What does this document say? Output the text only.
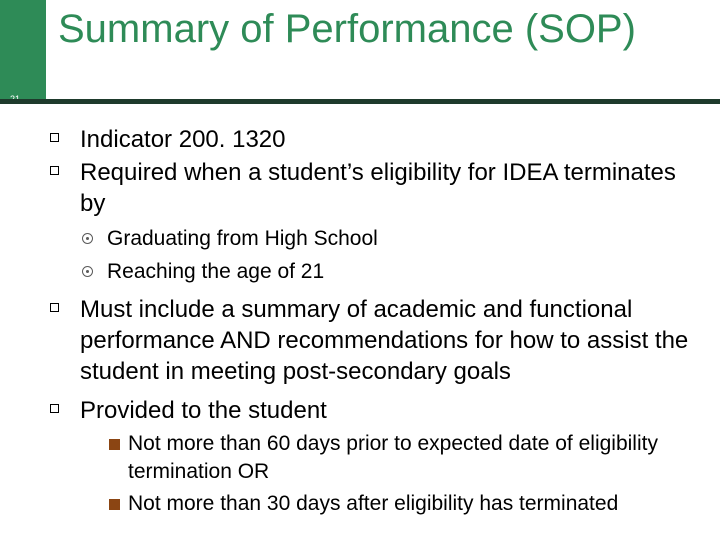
Summary of Performance (SOP)
Indicator 200. 1320
Required when a student’s eligibility for IDEA terminates by
Graduating from High School
Reaching the age of 21
Must include a summary of academic and functional performance AND recommendations for how to assist the student in meeting post-secondary goals
Provided to the student
Not more than 60 days prior to expected date of eligibility termination OR
Not more than 30 days after eligibility has terminated
